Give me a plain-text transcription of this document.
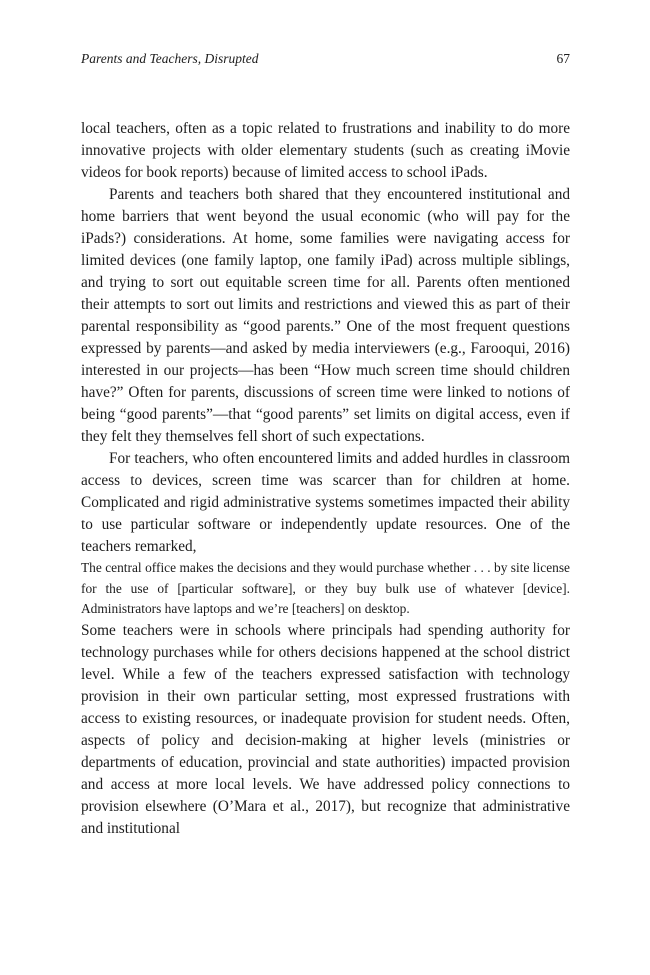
Parents and Teachers, Disrupted	67

local teachers, often as a topic related to frustrations and inability to do more innovative projects with older elementary students (such as creating iMovie videos for book reports) because of limited access to school iPads.

Parents and teachers both shared that they encountered institutional and home barriers that went beyond the usual economic (who will pay for the iPads?) considerations. At home, some families were navigating access for limited devices (one family laptop, one family iPad) across multiple siblings, and trying to sort out equitable screen time for all. Parents often mentioned their attempts to sort out limits and restrictions and viewed this as part of their parental responsibility as “good parents.” One of the most frequent questions expressed by parents—and asked by media interviewers (e.g., Farooqui, 2016) interested in our projects—has been “How much screen time should children have?” Often for parents, discussions of screen time were linked to notions of being “good parents”—that “good parents” set limits on digital access, even if they felt they themselves fell short of such expectations.

For teachers, who often encountered limits and added hurdles in classroom access to devices, screen time was scarcer than for children at home. Complicated and rigid administrative systems sometimes impacted their ability to use particular software or independently update resources. One of the teachers remarked,

The central office makes the decisions and they would purchase whether . . . by site license for the use of [particular software], or they buy bulk use of whatever [device]. Administrators have laptops and we’re [teachers] on desktop.

Some teachers were in schools where principals had spending authority for technology purchases while for others decisions happened at the school district level. While a few of the teachers expressed satisfaction with technology provision in their own particular setting, most expressed frustrations with access to existing resources, or inadequate provision for student needs. Often, aspects of policy and decision-making at higher levels (ministries or departments of education, provincial and state authorities) impacted provision and access at more local levels. We have addressed policy connections to provision elsewhere (O’Mara et al., 2017), but recognize that administrative and institutional
